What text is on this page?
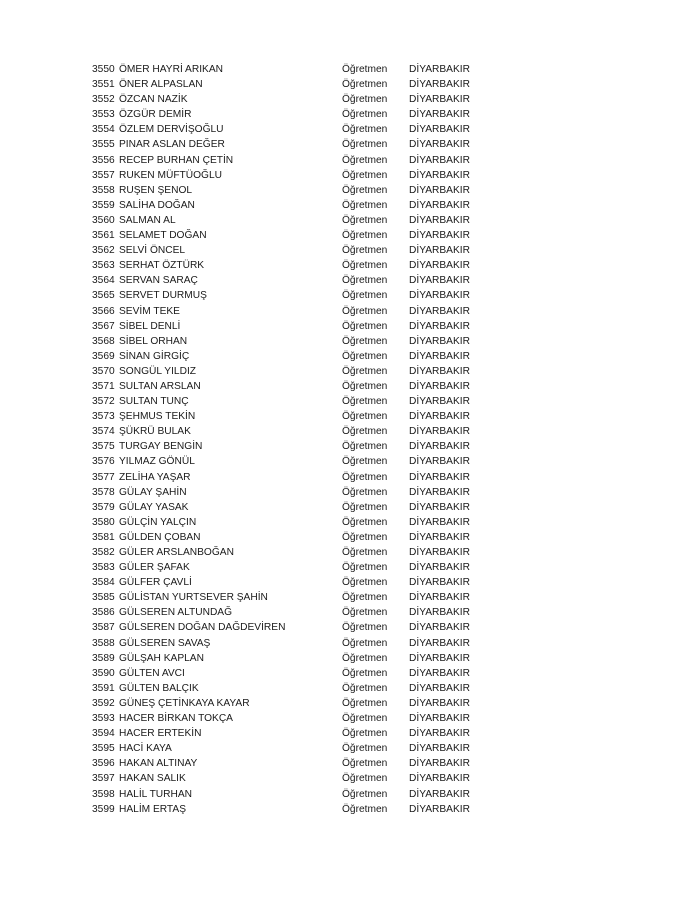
3550 ÖMER HAYRİ ARIKAN	Öğretmen	DİYARBAKIR
3551 ÖNER ALPASLAN	Öğretmen	DİYARBAKIR
3552 ÖZCAN NAZİK	Öğretmen	DİYARBAKIR
3553 ÖZGÜR DEMİR	Öğretmen	DİYARBAKIR
3554 ÖZLEM DERVİŞOĞLU	Öğretmen	DİYARBAKIR
3555 PINAR ASLAN DEĞER	Öğretmen	DİYARBAKIR
3556 RECEP BURHAN ÇETİN	Öğretmen	DİYARBAKIR
3557 RUKEN MÜFTÜOĞLU	Öğretmen	DİYARBAKIR
3558 RUŞEN ŞENOL	Öğretmen	DİYARBAKIR
3559 SALİHA DOĞAN	Öğretmen	DİYARBAKIR
3560 SALMAN AL	Öğretmen	DİYARBAKIR
3561 SELAMET DOĞAN	Öğretmen	DİYARBAKIR
3562 SELVİ ÖNCEL	Öğretmen	DİYARBAKIR
3563 SERHAT ÖZTÜRK	Öğretmen	DİYARBAKIR
3564 SERVAN SARAÇ	Öğretmen	DİYARBAKIR
3565 SERVET DURMUŞ	Öğretmen	DİYARBAKIR
3566 SEVİM TEKE	Öğretmen	DİYARBAKIR
3567 SİBEL DENLİ	Öğretmen	DİYARBAKIR
3568 SİBEL ORHAN	Öğretmen	DİYARBAKIR
3569 SİNAN GİRGİÇ	Öğretmen	DİYARBAKIR
3570 SONGÜL YILDIZ	Öğretmen	DİYARBAKIR
3571 SULTAN ARSLAN	Öğretmen	DİYARBAKIR
3572 SULTAN TUNÇ	Öğretmen	DİYARBAKIR
3573 ŞEHMUS TEKİN	Öğretmen	DİYARBAKIR
3574 ŞÜKRÜ BULAK	Öğretmen	DİYARBAKIR
3575 TURGAY BENGİN	Öğretmen	DİYARBAKIR
3576 YILMAZ GÖNÜL	Öğretmen	DİYARBAKIR
3577 ZELİHA YAŞAR	Öğretmen	DİYARBAKIR
3578 GÜLAY ŞAHİN	Öğretmen	DİYARBAKIR
3579 GÜLAY YASAK	Öğretmen	DİYARBAKIR
3580 GÜLÇİN YALÇIN	Öğretmen	DİYARBAKIR
3581 GÜLDEN ÇOBAN	Öğretmen	DİYARBAKIR
3582 GÜLER ARSLANBOĞAN	Öğretmen	DİYARBAKIR
3583 GÜLER ŞAFAK	Öğretmen	DİYARBAKIR
3584 GÜLFER ÇAVLİ	Öğretmen	DİYARBAKIR
3585 GÜLİSTAN YURTSEVER ŞAHİN	Öğretmen	DİYARBAKIR
3586 GÜLSEREN ALTUNDAĞ	Öğretmen	DİYARBAKIR
3587 GÜLSEREN DOĞAN DAĞDEVİREN	Öğretmen	DİYARBAKIR
3588 GÜLSEREN SAVAŞ	Öğretmen	DİYARBAKIR
3589 GÜLŞAH KAPLAN	Öğretmen	DİYARBAKIR
3590 GÜLTEN AVCI	Öğretmen	DİYARBAKIR
3591 GÜLTEN BALÇIK	Öğretmen	DİYARBAKIR
3592 GÜNEŞ ÇETİNKAYA KAYAR	Öğretmen	DİYARBAKIR
3593 HACER BİRKAN TOKÇA	Öğretmen	DİYARBAKIR
3594 HACER ERTEKİN	Öğretmen	DİYARBAKIR
3595 HACİ KAYA	Öğretmen	DİYARBAKIR
3596 HAKAN ALTINAY	Öğretmen	DİYARBAKIR
3597 HAKAN SALIK	Öğretmen	DİYARBAKIR
3598 HALİL TURHAN	Öğretmen	DİYARBAKIR
3599 HALİM ERTAŞ	Öğretmen	DİYARBAKIR
